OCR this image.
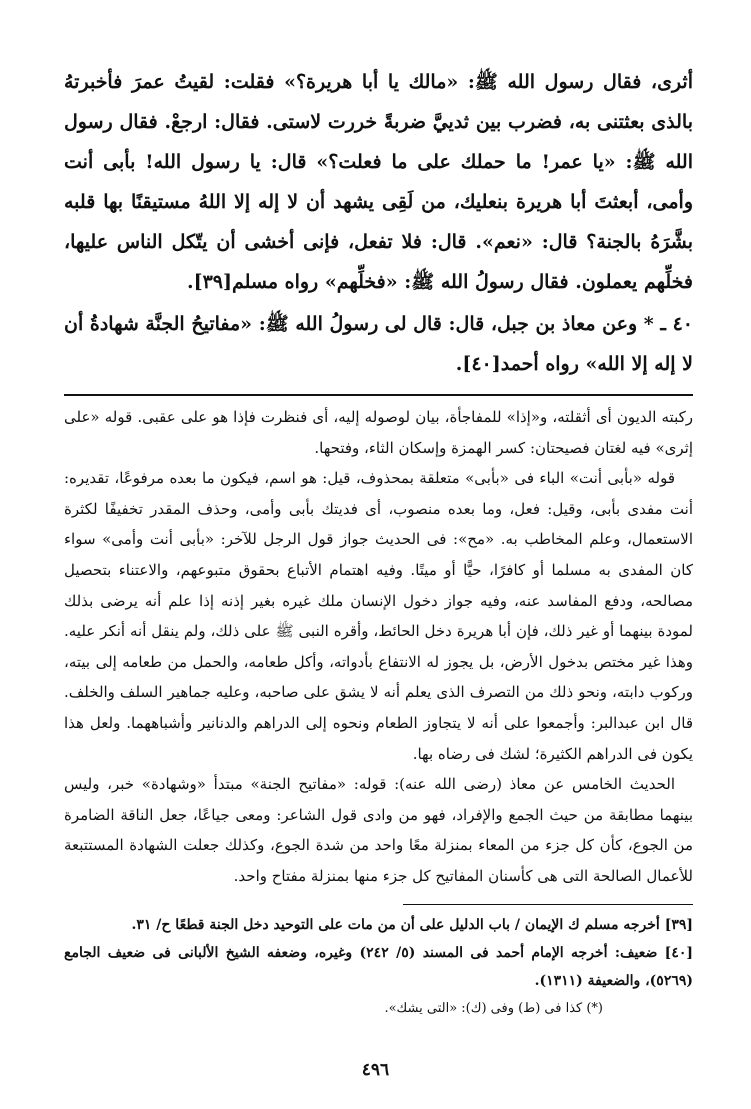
أثرى، فقال رسول الله ﷺ: «مالك يا أبا هريرة؟» فقلت: لقيتُ عمرَ فأخبرتهُ بالذى بعثتنى به، فضرب بين ثدييَّ ضربةً خررت لاستى. فقال: ارجعْ. فقال رسول الله ﷺ: «يا عمر! ما حملك على ما فعلت؟» قال: يا رسول الله! بأبى أنت وأمى، أبعثتَ أبا هريرة بنعليك، من لَقِى يشهد أن لا إله إلا اللهُ مستيقنًا بها قلبه بشَّرَهُ بالجنة؟ قال: «نعم». قال: فلا تفعل، فإنى أخشى أن يتّكل الناس عليها، فخلِّهم يعملون. فقال رسولُ الله ﷺ: «فخلِّهم» رواه مسلم[٣٩].

٤٠ ـ * وعن معاذ بن جبل، قال: قال لى رسولُ الله ﷺ: «مفاتيحُ الجنَّة شهادةُ أن لا إله إلا الله» رواه أحمد[٤٠].

ركبته الديون أى أثقلته، و«إذا» للمفاجأة، بيان لوصوله إليه، أى فنظرت فإذا هو على عقبى. قوله «على إثرى» فيه لغتان فصيحتان: كسر الهمزة وإسكان الثاء، وفتحها.

قوله «بأبى أنت» الباء فى «بأبى» متعلقة بمحذوف، قيل: هو اسم، فيكون ما بعده مرفوعًا، تقديره: أنت مفدى بأبى، وقيل: فعل، وما بعده منصوب، أى فديتك بأبى وأمى، وحذف المقدر تخفيفًا لكثرة الاستعمال، وعلم المخاطب به. «مح»: فى الحديث جواز قول الرجل للآخر: «بأبى أنت وأمى» سواء كان المفدى به مسلما أو كافرًا، حيًّا أو ميتًا. وفيه اهتمام الأتباع بحقوق متبوعهم، والاعتناء بتحصيل مصالحه، ودفع المفاسد عنه، وفيه جواز دخول الإنسان ملك غيره بغير إذنه إذا علم أنه يرضى بذلك لمودة بينهما أو غير ذلك، فإن أبا هريرة دخل الحائط، وأقره النبى ﷺ على ذلك، ولم ينقل أنه أنكر عليه. وهذا غير مختص بدخول الأرض، بل يجوز له الانتفاع بأدواته، وأكل طعامه، والحمل من طعامه إلى بيته، وركوب دابته، ونحو ذلك من التصرف الذى يعلم أنه لا يشق على صاحبه، وعليه جماهير السلف والخلف. قال ابن عبدالبر: وأجمعوا على أنه لا يتجاوز الطعام ونحوه إلى الدراهم والدنانير وأشباههما. ولعل هذا يكون فى الدراهم الكثيرة؛ لشك فى رضاه بها.

الحديث الخامس عن معاذ (رضى الله عنه): قوله: «مفاتيح الجنة» مبتدأ «وشهادة» خبر، وليس بينهما مطابقة من حيث الجمع والإفراد، فهو من وادى قول الشاعر: ومعى جياعًا، جعل الناقة الضامرة من الجوع، كأن كل جزء من المعاء بمنزلة معًا واحد من شدة الجوع، وكذلك جعلت الشهادة المستتبعة للأعمال الصالحة التى هى كأسنان المفاتيح كل جزء منها بمنزلة مفتاح واحد.

[٣٩] أخرجه مسلم ك الإيمان / باب الدليل على أن من مات على التوحيد دخل الجنة قطعًا ح/ ٣١.

[٤٠] ضعيف: أخرجه الإمام أحمد فى المسند (٥/ ٢٤٢) وغيره، وضعفه الشيخ الألبانى فى ضعيف الجامع (٥٢٦٩)، والضعيفة (١٣١١).

(*) كذا فى (ط) وفى (ك): «التى يشك».

٤٩٦
